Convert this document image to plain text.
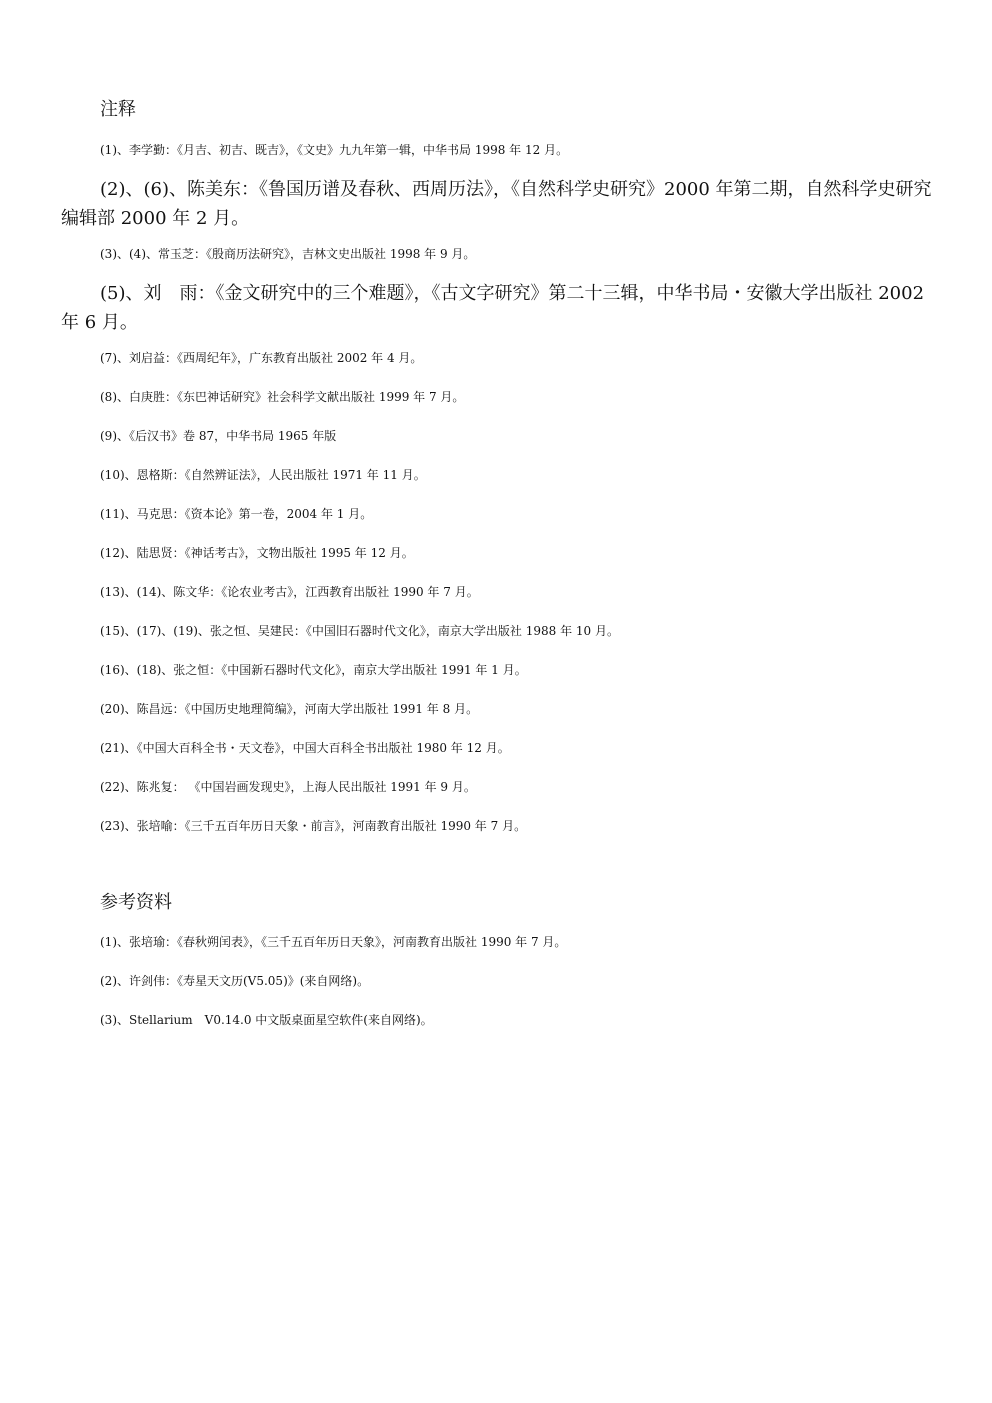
注释
(1)、李学勤：《月吉、初吉、既吉》，《文史》九九年第一辑，中华书局 1998 年 12 月。
(2)、(6)、陈美东：《鲁国历谱及春秋、西周历法》，《自然科学史研究》2000 年第二期，自然科学史研究编辑部 2000 年 2 月。
(3)、(4)、常玉芝：《殷商历法研究》，吉林文史出版社 1998 年 9 月。
(5)、刘　雨：《金文研究中的三个难题》，《古文字研究》第二十三辑，中华书局・安徽大学出版社 2002 年 6 月。
(7)、刘启益：《西周纪年》，广东教育出版社 2002 年 4 月。
(8)、白庚胜：《东巴神话研究》社会科学文献出版社 1999 年 7 月。
(9)、《后汉书》卷 87，中华书局 1965 年版
(10)、恩格斯：《自然辨证法》，人民出版社 1971 年 11 月。
(11)、马克思：《资本论》第一卷，2004 年 1 月。
(12)、陆思贤：《神话考古》，文物出版社 1995 年 12 月。
(13)、(14)、陈文华：《论农业考古》，江西教育出版社 1990 年 7 月。
(15)、(17)、(19)、张之恒、吴建民：《中国旧石器时代文化》，南京大学出版社 1988 年 10 月。
(16)、(18)、张之恒：《中国新石器时代文化》，南京大学出版社 1991 年 1 月。
(20)、陈昌远：《中国历史地理简编》，河南大学出版社 1991 年 8 月。
(21)、《中国大百科全书・天文卷》，中国大百科全书出版社 1980 年 12 月。
(22)、陈兆复： 《中国岩画发现史》，上海人民出版社 1991 年 9 月。
(23)、张培喻：《三千五百年历日天象・前言》，河南教育出版社 1990 年 7 月。
参考资料
(1)、张培瑜：《春秋朔闰表》，《三千五百年历日天象》，河南教育出版社 1990 年 7 月。
(2)、许剑伟：《寿星天文历(V5.05)》(来自网络)。
(3)、Stellarium　V0.14.0 中文版桌面星空软件(来自网络)。
